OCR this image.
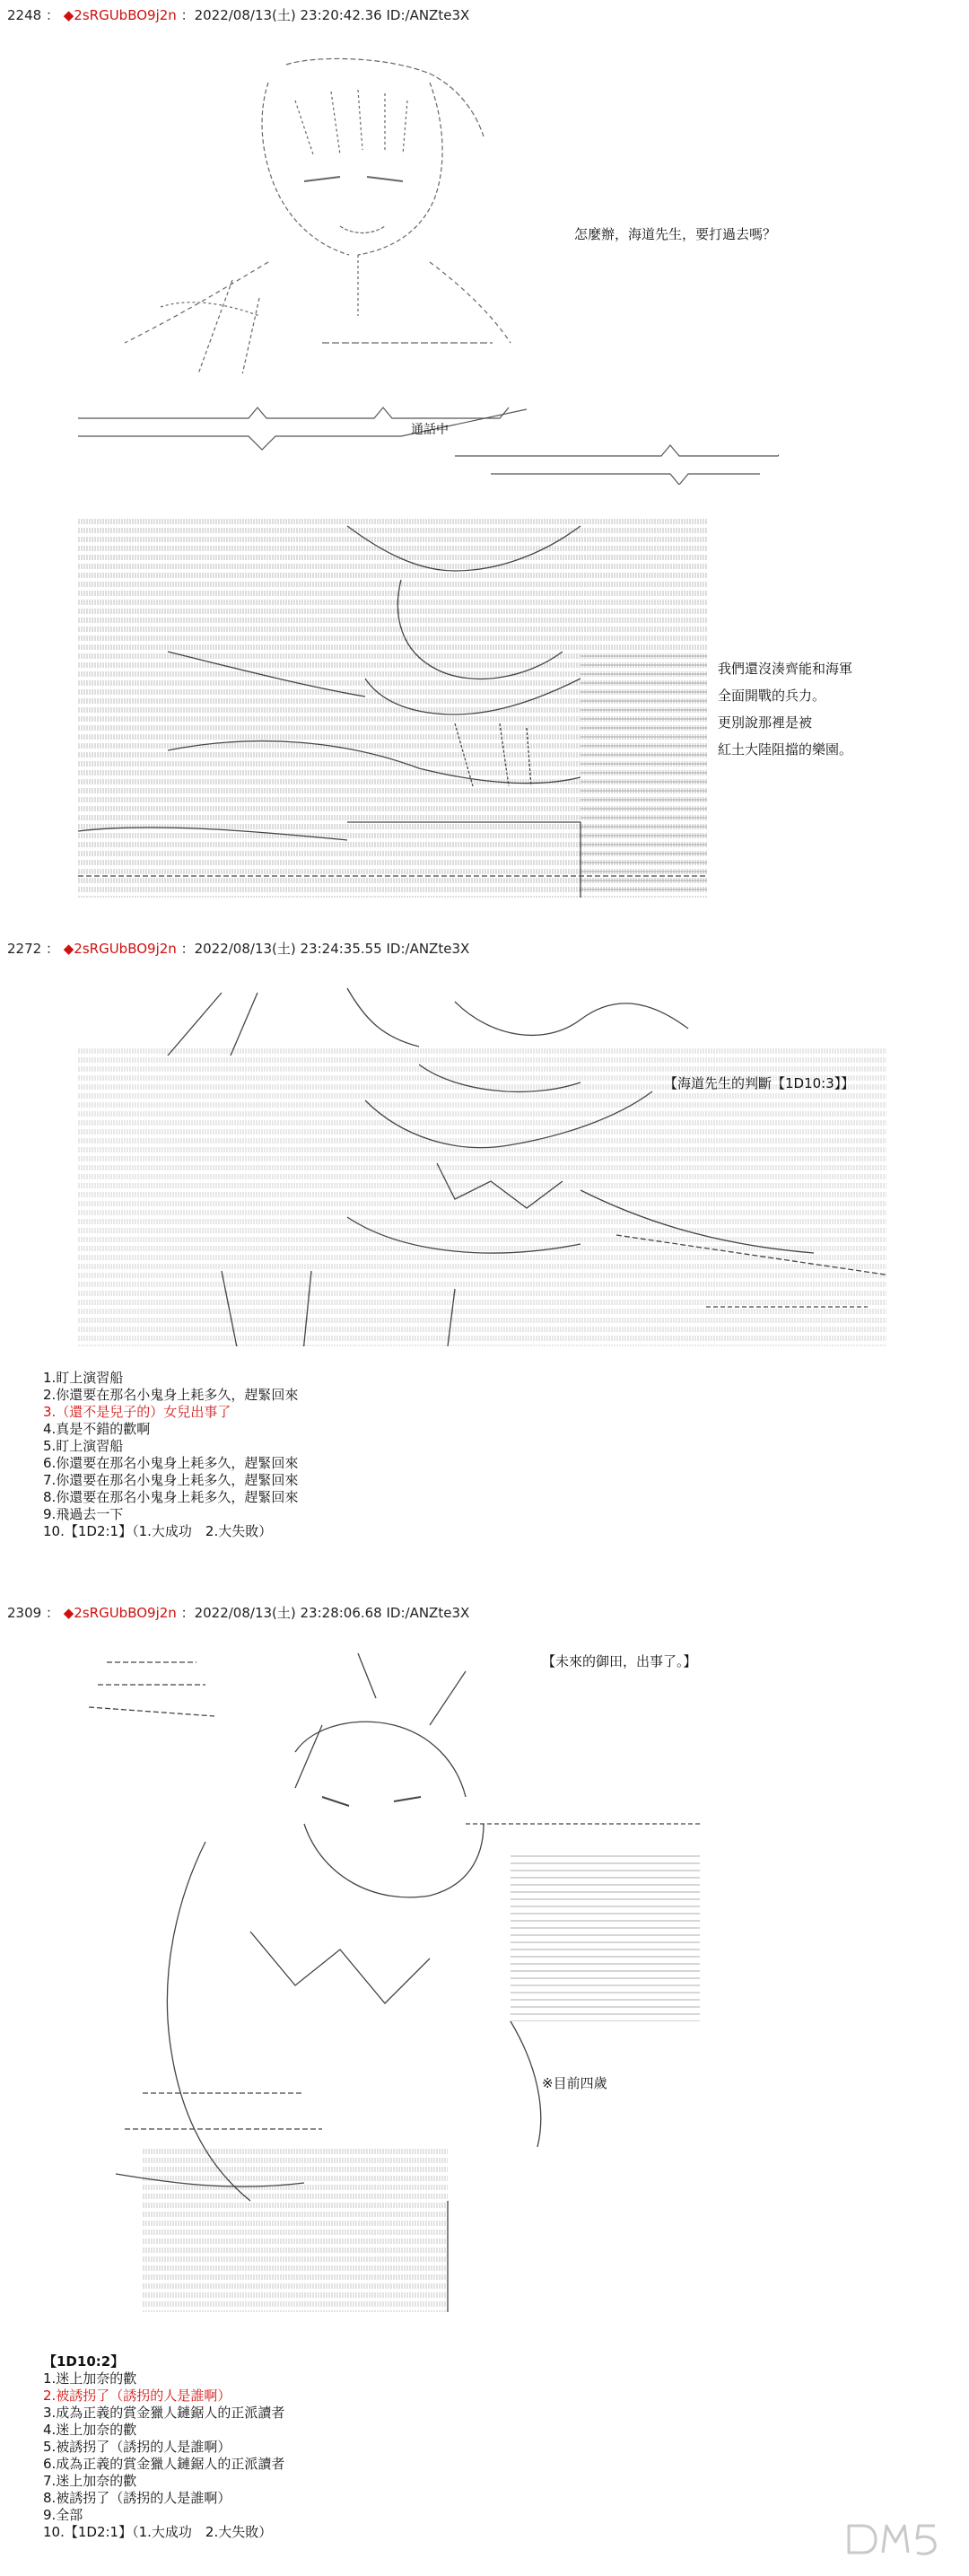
2248 ： ◆2sRGUbBO9j2n ：2022/08/13(土) 23:20:42.36 ID:/ANZte3X

怎麼辦，海道先生，要打過去嗎？

通話中

我們還沒湊齊能和海軍
全面開戰的兵力。
更別說那裡是被
紅土大陸阻擋的樂園。
2272 ： ◆2sRGUbBO9j2n ：2022/08/13(土) 23:24:35.55 ID:/ANZte3X

【海道先生的判斷【1D10:3】】
1.盯上演習船
2.你還要在那名小鬼身上耗多久，趕緊回來
3.（還不是兒子的）女兒出事了
4.真是不錯的歡啊
5.盯上演習船
6.你還要在那名小鬼身上耗多久，趕緊回來
7.你還要在那名小鬼身上耗多久，趕緊回來
8.你還要在那名小鬼身上耗多久，趕緊回來
9.飛過去一下
10.【1D2:1】（1.大成功　2.大失敗）
2309 ： ◆2sRGUbBO9j2n ：2022/08/13(土) 23:28:06.68 ID:/ANZte3X

【未來的御田，出事了。】
※目前四歲
【1D10:2】
1.迷上加奈的歡
2.被誘拐了（誘拐的人是誰啊）
3.成為正義的賞金獵人鏈鋸人的正派讀者
4.迷上加奈的歡
5.被誘拐了（誘拐的人是誰啊）
6.成為正義的賞金獵人鏈鋸人的正派讀者
7.迷上加奈的歡
8.被誘拐了（誘拐的人是誰啊）
9.全部
10.【1D2:1】（1.大成功　2.大失敗）
